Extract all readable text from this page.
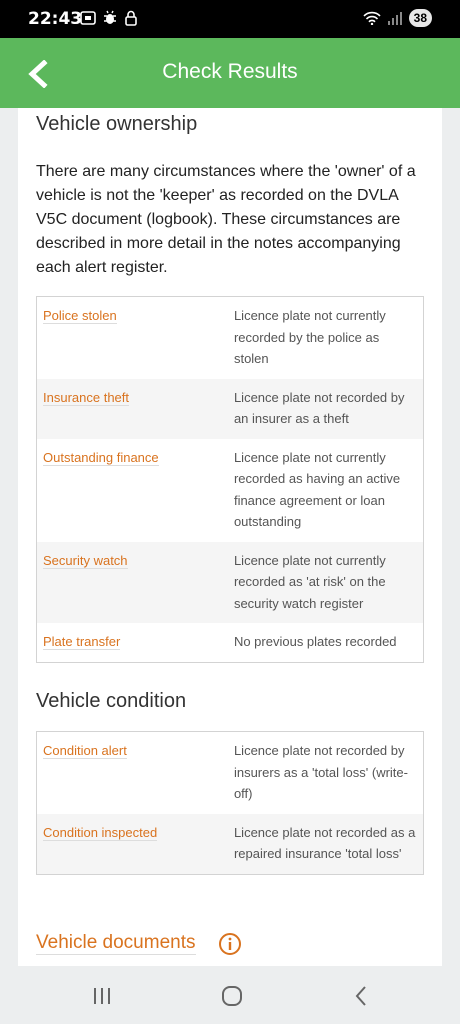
22:43	38
Check Results
Vehicle ownership
There are many circumstances where the 'owner' of a vehicle is not the 'keeper' as recorded on the DVLA V5C document (logbook). These circumstances are described in more detail in the notes accompanying each alert register.
Police stolen	Licence plate not currently recorded by the police as stolen
Insurance theft	Licence plate not recorded by an insurer as a theft
Outstanding finance	Licence plate not currently recorded as having an active finance agreement or loan outstanding
Security watch	Licence plate not currently recorded as 'at risk' on the security watch register
Plate transfer	No previous plates recorded
Vehicle condition
Condition alert	Licence plate not recorded by insurers as a 'total loss' (write-off)
Condition inspected	Licence plate not recorded as a repaired insurance 'total loss'
Vehicle documents
